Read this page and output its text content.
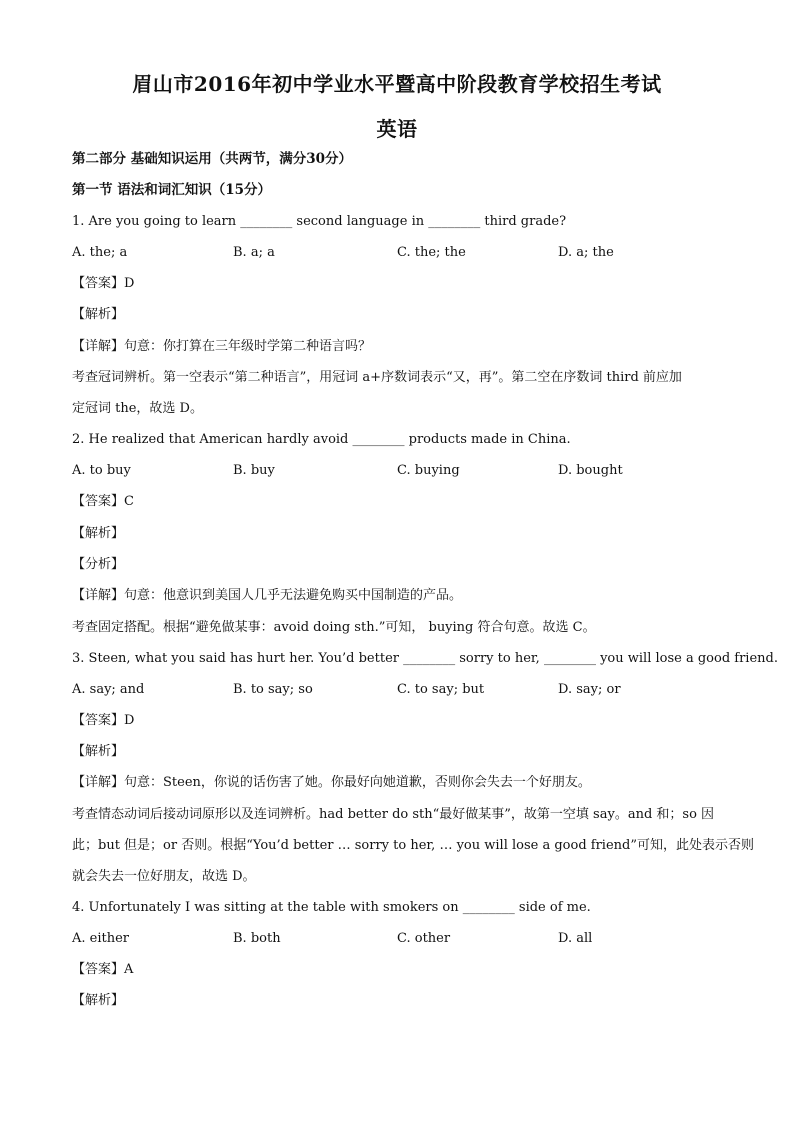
眉山市2016年初中学业水平暨高中阶段教育学校招生考试
英语
第二部分 基础知识运用（共两节，满分30分）
第一节 语法和词汇知识（15分）
1. Are you going to learn ________ second language in ________ third grade?
A. the; a	B. a; a	C. the; the	D. a; the
【答案】D
【解析】
【详解】句意：你打算在三年级时学第二种语言吗？
考查冠词辨析。第一空表示“第二种语言”，用冠词 a+序数词表示“又，再”。第二空在序数词 third 前应加
定冠词 the，故选 D。
2. He realized that American hardly avoid ________ products made in China.
A. to buy	B. buy	C. buying	D. bought
【答案】C
【解析】
【分析】
【详解】句意：他意识到美国人几乎无法避免购买中国制造的产品。
考查固定搭配。根据“避免做某事：avoid doing sth.”可知， buying 符合句意。故选 C。
3. Steen, what you said has hurt her. You’d better ________ sorry to her, ________ you will lose a good friend.
A. say; and	B. to say; so	C. to say; but	D. say; or
【答案】D
【解析】
【详解】句意：Steen，你说的话伤害了她。你最好向她道歉，否则你会失去一个好朋友。
考查情态动词后接动词原形以及连词辨析。had better do sth“最好做某事”，故第一空填 say。and 和；so 因
此；but 但是；or 否则。根据“You’d better … sorry to her, … you will lose a good friend”可知，此处表示否则
就会失去一位好朋友，故选 D。
4. Unfortunately I was sitting at the table with smokers on ________ side of me.
A. either	B. both	C. other	D. all
【答案】A
【解析】
